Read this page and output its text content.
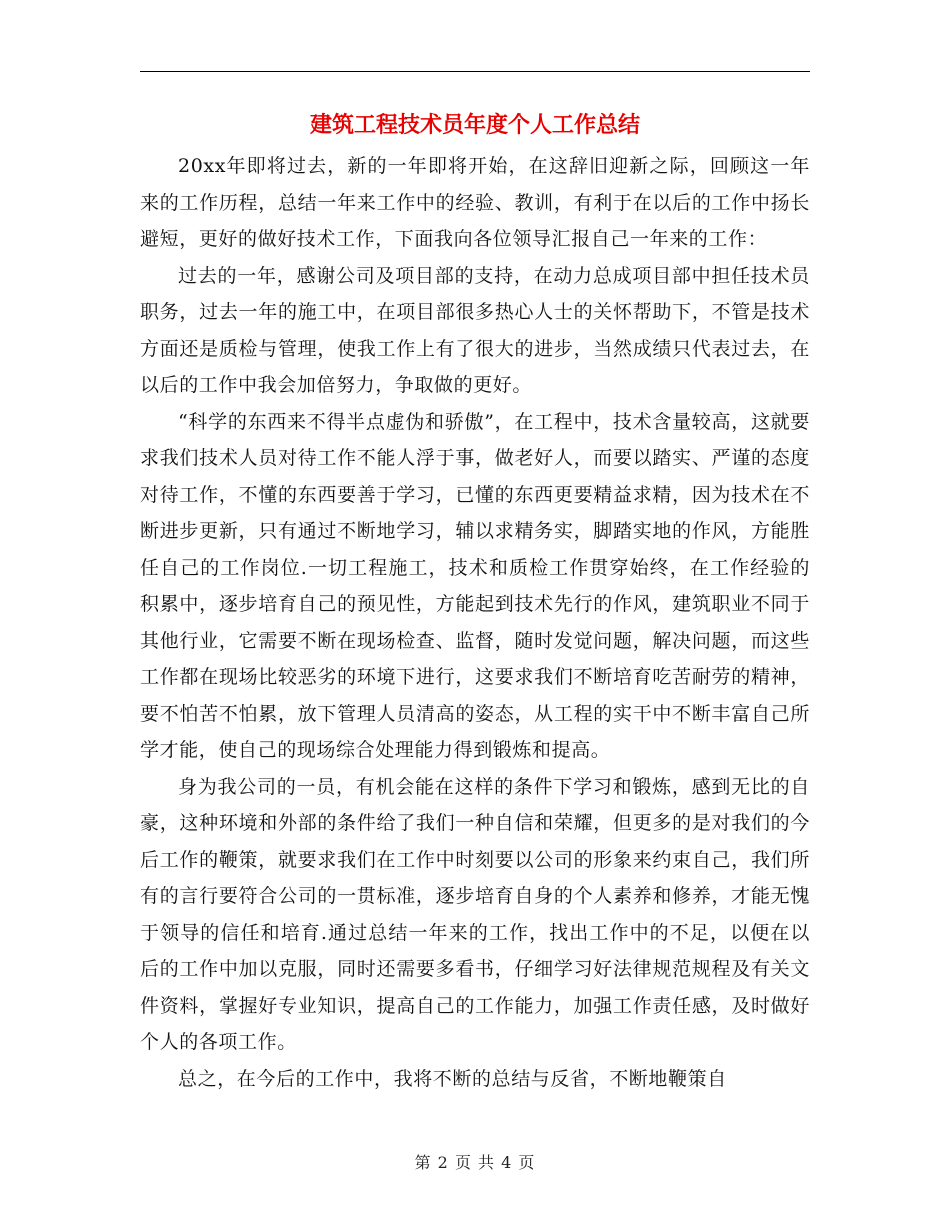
建筑工程技术员年度个人工作总结

20xx年即将过去，新的一年即将开始，在这辞旧迎新之际，回顾这一年来的工作历程，总结一年来工作中的经验、教训，有利于在以后的工作中扬长避短，更好的做好技术工作，下面我向各位领导汇报自己一年来的工作：

过去的一年，感谢公司及项目部的支持，在动力总成项目部中担任技术员职务，过去一年的施工中，在项目部很多热心人士的关怀帮助下，不管是技术方面还是质检与管理，使我工作上有了很大的进步，当然成绩只代表过去，在以后的工作中我会加倍努力，争取做的更好。

“科学的东西来不得半点虚伪和骄傲”，在工程中，技术含量较高，这就要求我们技术人员对待工作不能人浮于事，做老好人，而要以踏实、严谨的态度对待工作，不懂的东西要善于学习，已懂的东西更要精益求精，因为技术在不断进步更新，只有通过不断地学习，辅以求精务实，脚踏实地的作风，方能胜任自己的工作岗位.一切工程施工，技术和质检工作贯穿始终，在工作经验的积累中，逐步培育自己的预见性，方能起到技术先行的作风，建筑职业不同于其他行业，它需要不断在现场检查、监督，随时发觉问题，解决问题，而这些工作都在现场比较恶劣的环境下进行，这要求我们不断培育吃苦耐劳的精神，要不怕苦不怕累，放下管理人员清高的姿态，从工程的实干中不断丰富自己所学才能，使自己的现场综合处理能力得到锻炼和提高。

身为我公司的一员，有机会能在这样的条件下学习和锻炼，感到无比的自豪，这种环境和外部的条件给了我们一种自信和荣耀，但更多的是对我们的今后工作的鞭策，就要求我们在工作中时刻要以公司的形象来约束自己，我们所有的言行要符合公司的一贯标准，逐步培育自身的个人素养和修养，才能无愧于领导的信任和培育.通过总结一年来的工作，找出工作中的不足，以便在以后的工作中加以克服，同时还需要多看书，仔细学习好法律规范规程及有关文件资料，掌握好专业知识，提高自己的工作能力，加强工作责任感，及时做好个人的各项工作。

总之，在今后的工作中，我将不断的总结与反省，不断地鞭策自

第 2 页 共 4 页
